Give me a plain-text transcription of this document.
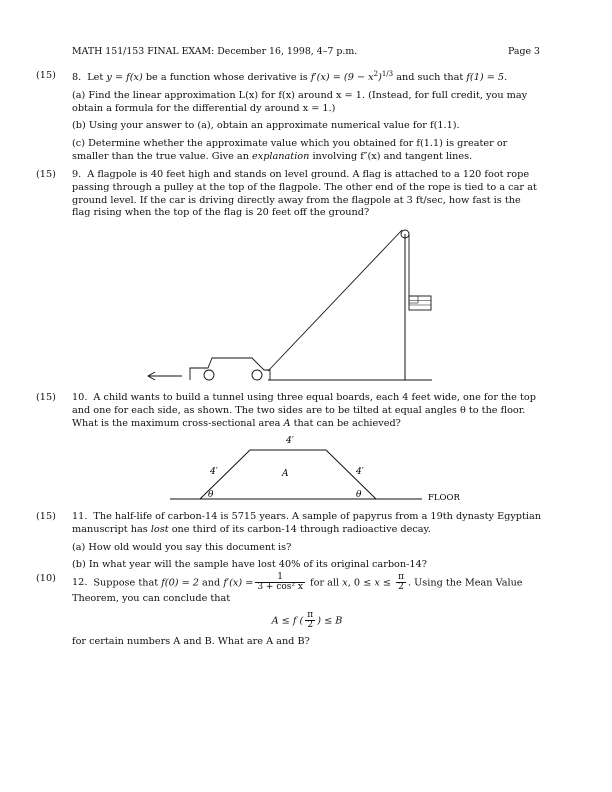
MATH 151/153 FINAL EXAM: December 16, 1998, 4–7 p.m.	Page 3
(15)	8. Let y = f(x) be a function whose derivative is $f'(x) = (9 - x^2)^{1/3}$ and such that f(1) = 5.

(a) Find the linear approximation L(x) for f(x) around x = 1. (Instead, for full credit, you may obtain a formula for the differential dy around x = 1.)

(b) Using your answer to (a), obtain an approximate numerical value for f(1.1).

(c) Determine whether the approximate value which you obtained for f(1.1) is greater or smaller than the true value. Give an explanation involving f″(x) and tangent lines.

(15)	9. A flagpole is 40 feet high and stands on level ground. A flag is attached to a 120 foot rope passing through a pulley at the top of the flagpole. The other end of the rope is tied to a car at ground level. If the car is driving directly away from the flagpole at 3 ft/sec, how fast is the flag rising when the top of the flag is 20 feet off the ground?

(15)	10. A child wants to build a tunnel using three equal boards, each 4 feet wide, one for the top and one for each side, as shown. The two sides are to be tilted at equal angles θ to the floor. What is the maximum cross-sectional area A that can be achieved?

4′
4′	4′
A
θ	θ	FLOOR
(15)	11. The half-life of carbon-14 is 5715 years. A sample of papyrus from a 19th dynasty Egyptian manuscript has lost one third of its carbon-14 through radioactive decay.

(a) How old would you say this document is?

(b) In what year will the sample have lost 40% of its original carbon-14?

(10)	12. Suppose that f(0) = 2 and $f'(x) = \frac{1}{\text{3 + cos² x}}$ for all x, $0 \le x \le \frac{\pi}{2}$ . Using the Mean Value Theorem, you can conclude that

A ≤ f ( $\frac{\pi}{2}$ ) ≤ B

for certain numbers A and B. What are A and B?
